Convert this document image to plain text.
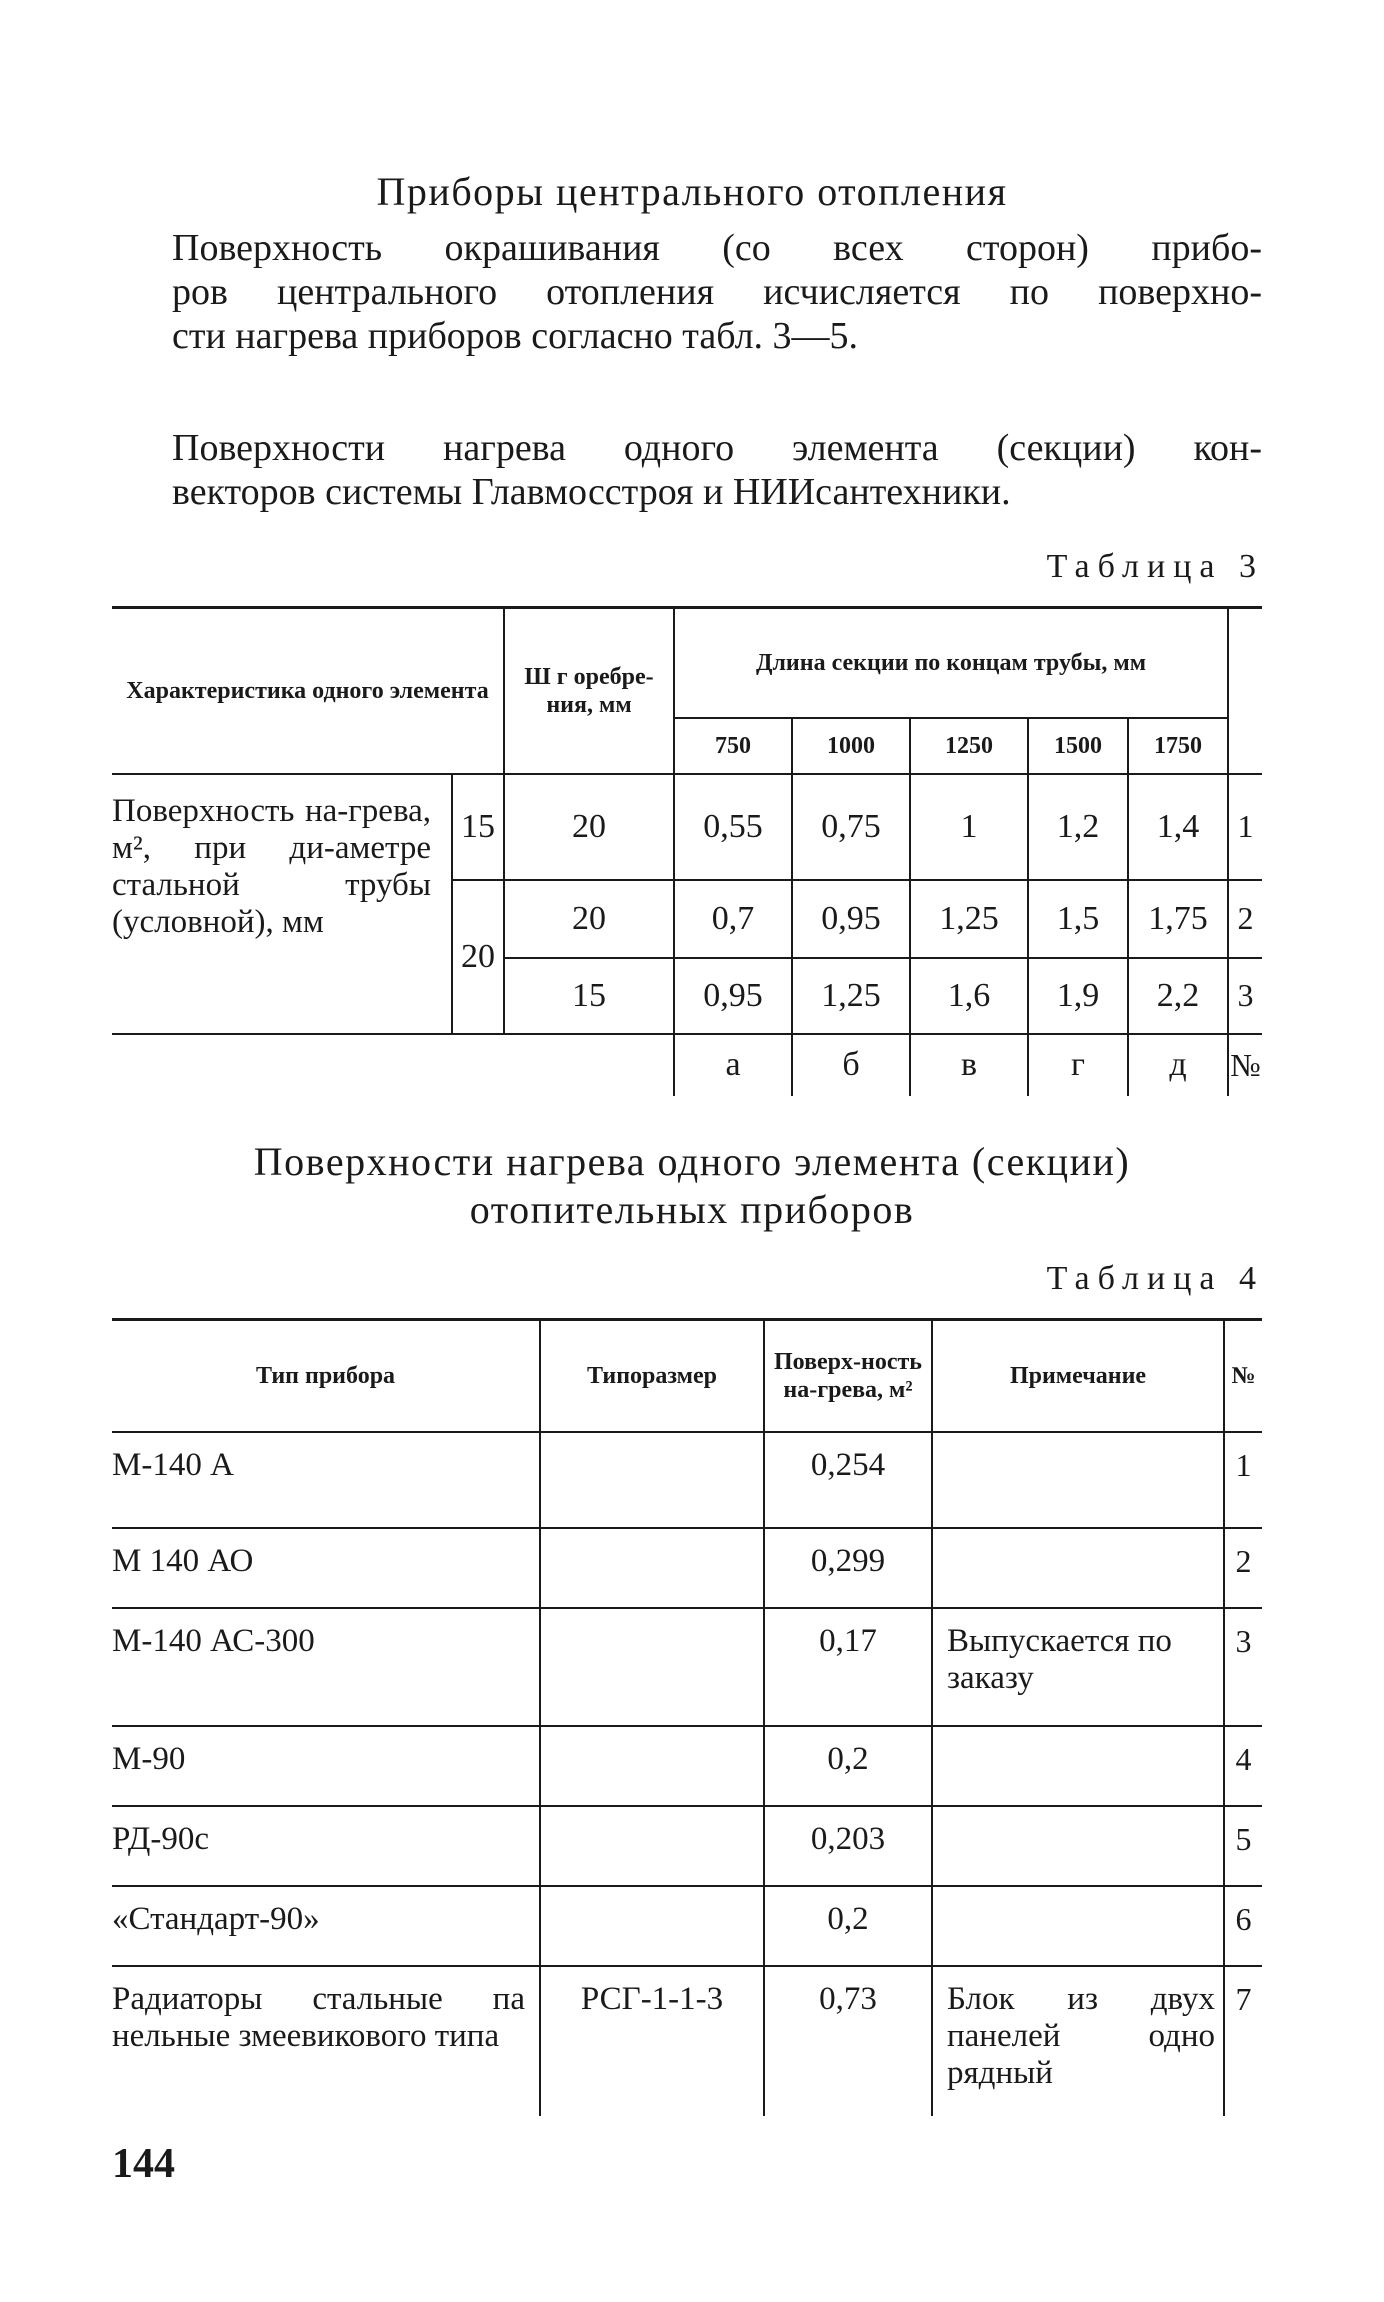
Приборы центрального отопления
Поверхность окрашивания (со всех сторон) прибо-
ров центрального отопления исчисляется по поверхно-
сти нагрева приборов согласно табл. 3—5.
Поверхности нагрева одного элемента (секции) кон-
векторов системы Главмосстроя и НИИсантехники.
Таблица 3
Характеристика одного элемента		Ш г оребре-ния, мм	Длина секции по концам трубы, мм					
			750	1000	1250	1500	1750	
Поверхность на-грева, м², при ди-аметре стальной трубы (условной), мм	15	20	0,55	0,75	1	1,2	1,4	1
	20	20	0,7	0,95	1,25	1,5	1,75	2
		15	0,95	1,25	1,6	1,9	2,2	3
			а	б	в	г	д	№
Поверхности нагрева одного элемента (секции)
отопительных приборов
Таблица 4
Тип прибора	Типоразмер	Поверх-ность на-грева, м²	Примечание	№
М-140 А		0,254		1
М 140 АО		0,299		2
М-140 АС-300		0,17	Выпускается по заказу	3
М-90		0,2		4
РД-90с		0,203		5
«Стандарт-90»		0,2		6
Радиаторы стальные па нельные змеевикового типа	РСГ-1-1-3	0,73	Блок из двух панелей одно рядный	7
144
